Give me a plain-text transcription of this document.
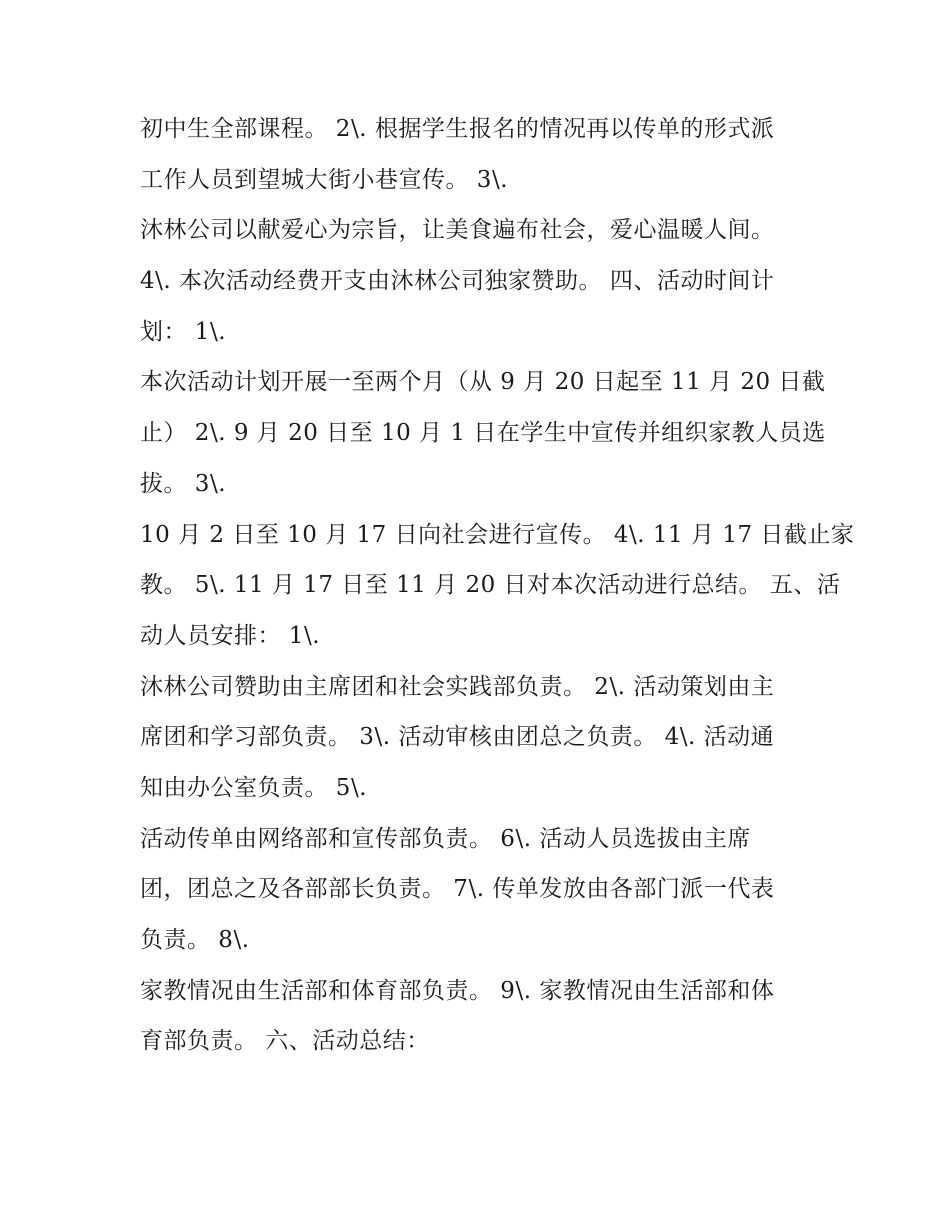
初中生全部课程。 2\. 根据学生报名的情况再以传单的形式派
工作人员到望城大街小巷宣传。 3\.
沐林公司以献爱心为宗旨，让美食遍布社会，爱心温暖人间。
4\. 本次活动经费开支由沐林公司独家赞助。 四、活动时间计
划： 1\.
本次活动计划开展一至两个月（从 9 月 20 日起至 11 月 20 日截
止） 2\. 9 月 20 日至 10 月 1 日在学生中宣传并组织家教人员选
拔。 3\.
10 月 2 日至 10 月 17 日向社会进行宣传。 4\. 11 月 17 日截止家
教。 5\. 11 月 17 日至 11 月 20 日对本次活动进行总结。 五、活
动人员安排： 1\.
沐林公司赞助由主席团和社会实践部负责。 2\. 活动策划由主
席团和学习部负责。 3\. 活动审核由团总之负责。 4\. 活动通
知由办公室负责。 5\.
活动传单由网络部和宣传部负责。 6\. 活动人员选拔由主席
团，团总之及各部部长负责。 7\. 传单发放由各部门派一代表
负责。 8\.
家教情况由生活部和体育部负责。 9\. 家教情况由生活部和体
育部负责。 六、活动总结：
